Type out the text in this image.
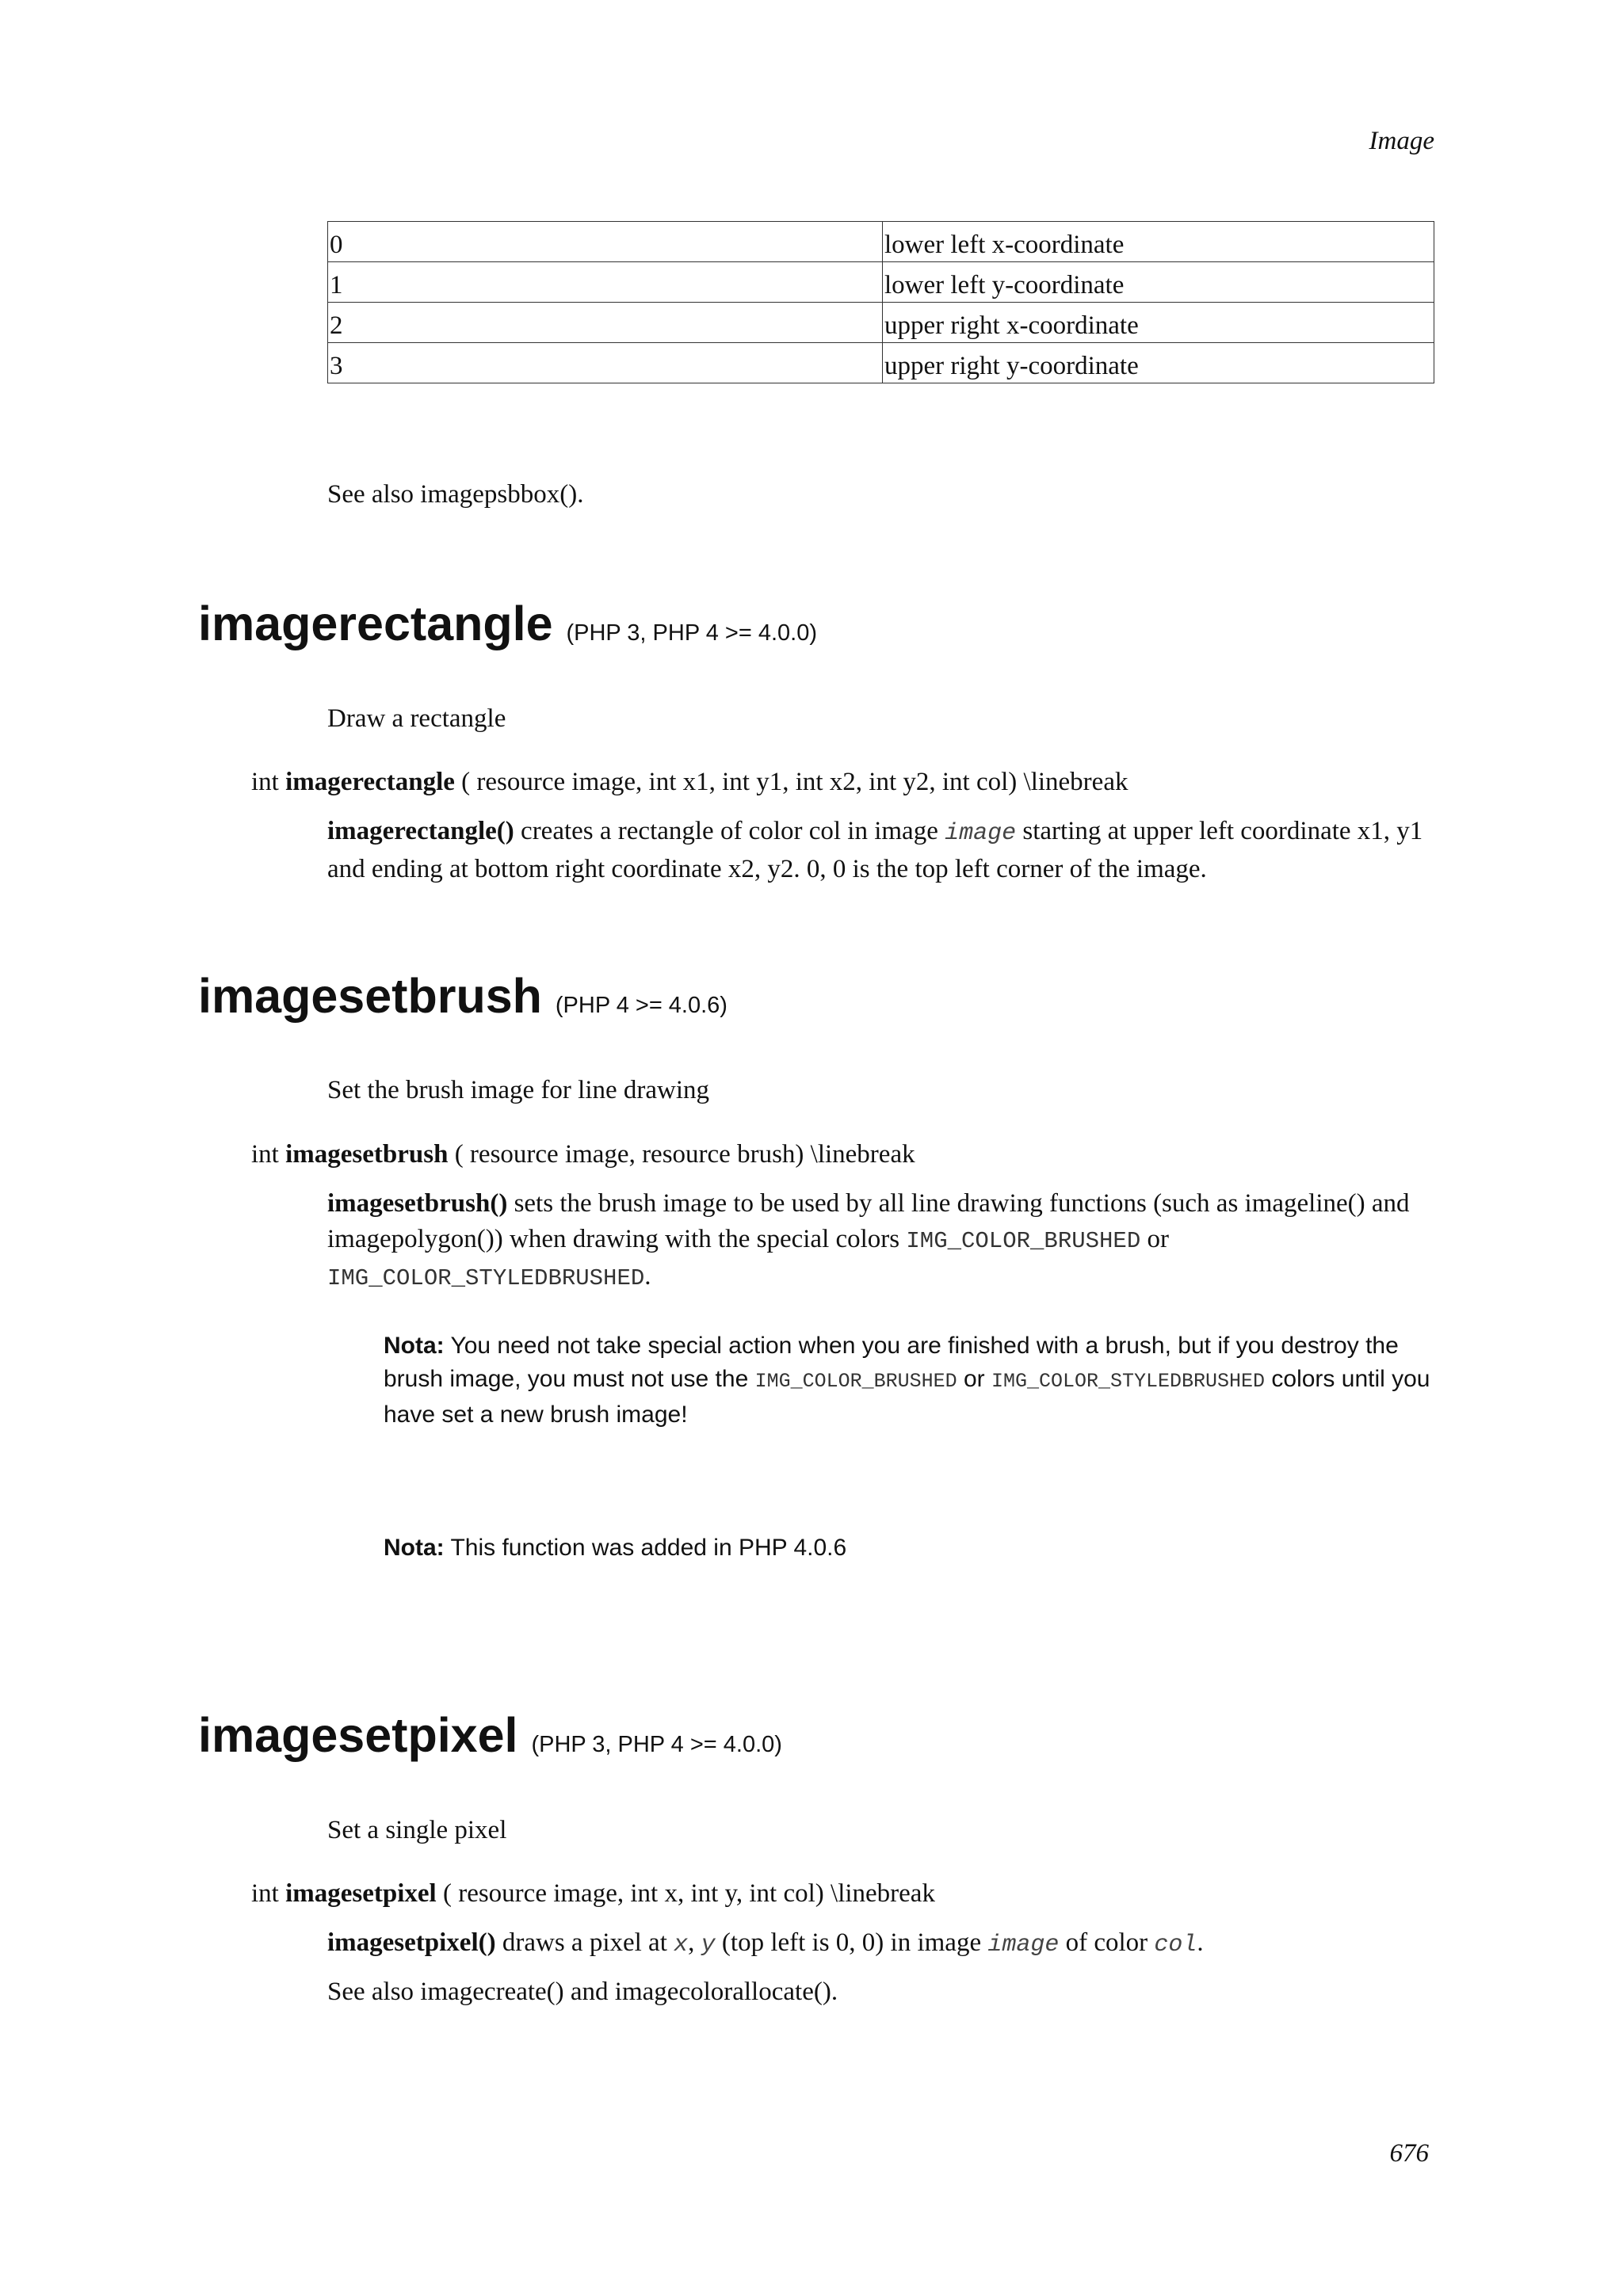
Image
0	lower left x-coordinate
1	lower left y-coordinate
2	upper right x-coordinate
3	upper right y-coordinate

See also imagepsbbox().

imagerectangle (PHP 3, PHP 4 >= 4.0.0)

Draw a rectangle

int imagerectangle ( resource image, int x1, int y1, int x2, int y2, int col) \linebreak

imagerectangle() creates a rectangle of color col in image image starting at upper left coordinate x1, y1 and ending at bottom right coordinate x2, y2. 0, 0 is the top left corner of the image.

imagesetbrush (PHP 4 >= 4.0.6)

Set the brush image for line drawing

int imagesetbrush ( resource image, resource brush) \linebreak

imagesetbrush() sets the brush image to be used by all line drawing functions (such as imageline() and imagepolygon()) when drawing with the special colors IMG_COLOR_BRUSHED or IMG_COLOR_STYLEDBRUSHED.

Nota: You need not take special action when you are finished with a brush, but if you destroy the brush image, you must not use the IMG_COLOR_BRUSHED or IMG_COLOR_STYLEDBRUSHED colors until you have set a new brush image!

Nota: This function was added in PHP 4.0.6

imagesetpixel (PHP 3, PHP 4 >= 4.0.0)

Set a single pixel

int imagesetpixel ( resource image, int x, int y, int col) \linebreak

imagesetpixel() draws a pixel at x, y (top left is 0, 0) in image image of color col.

See also imagecreate() and imagecolorallocate().

676
